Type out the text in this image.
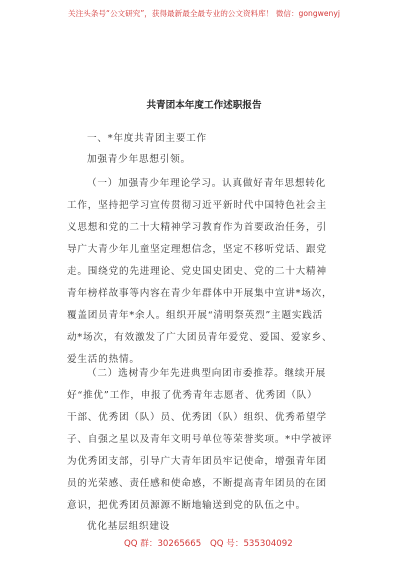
关注头条号“公文研究”，获得最新最全最专业的公文资料库！ 微信：gongwenyj
共青团本年度工作述职报告
一、*年度共青团主要工作
加强青少年思想引领。
（一）加强青少年理论学习。认真做好青年思想转化
工作，坚持把学习宣传贯彻习近平新时代中国特色社会主
义思想和党的二十大精神学习教育作为首要政治任务，引
导广大青少年儿童坚定理想信念，坚定不移听党话、跟党
走。围绕党的先进理论、党史国史团史、党的二十大精神
青年榜样故事等内容在青少年群体中开展集中宣讲*场次，
覆盖团员青年*余人。组织开展“清明祭英烈”主题实践活
动*场次，有效激发了广大团员青年爱党、爱国、爱家乡、
爱生活的热情。
（二）选树青少年先进典型向团市委推荐。继续开展
好“推优”工作，申报了优秀青年志愿者、优秀团（队）
干部、优秀团（队）员、优秀团（队）组织、优秀希望学
子、自强之星以及青年文明号单位等荣誉奖项。*中学被评
为优秀团支部，引导广大青年团员牢记使命，增强青年团
员的光荣感、责任感和使命感，不断提高青年团员的在团
意识，把优秀团员源源不断地输送到党的队伍之中。
优化基层组织建设
QQ 群：30265665 QQ 号：535304092
